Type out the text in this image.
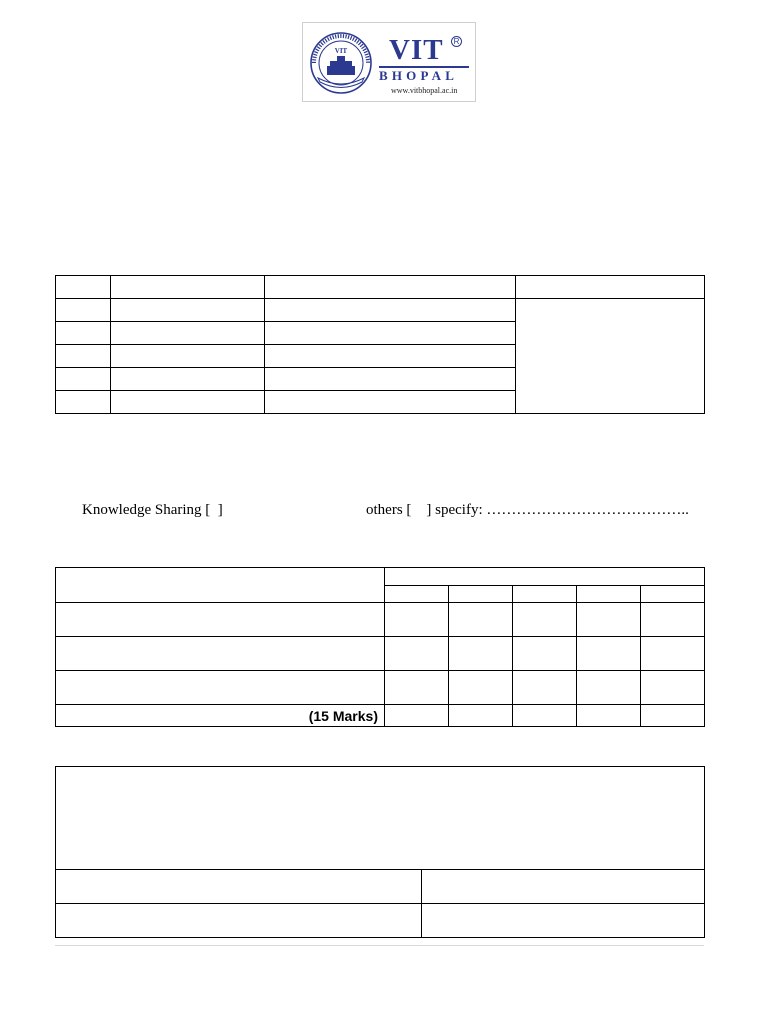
VIT VIT	R
BHOPAL
www.vitbhopal.ac.in

Knowledge Sharing [  ]	others [    ] specify: …………………………………..

(15 Marks)					
